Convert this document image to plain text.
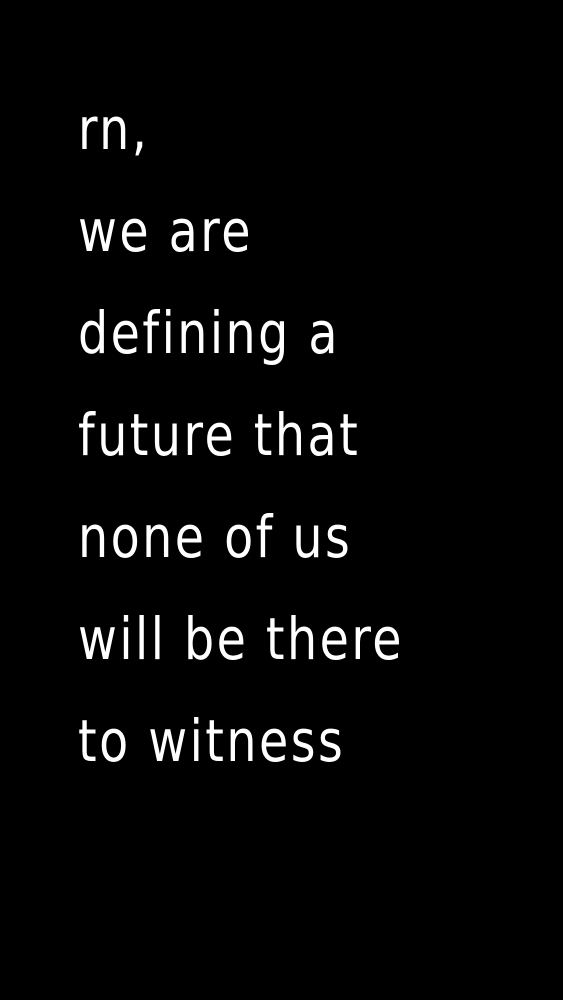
rn,
we are
defining a
future that
none of us
will be there
to witness
